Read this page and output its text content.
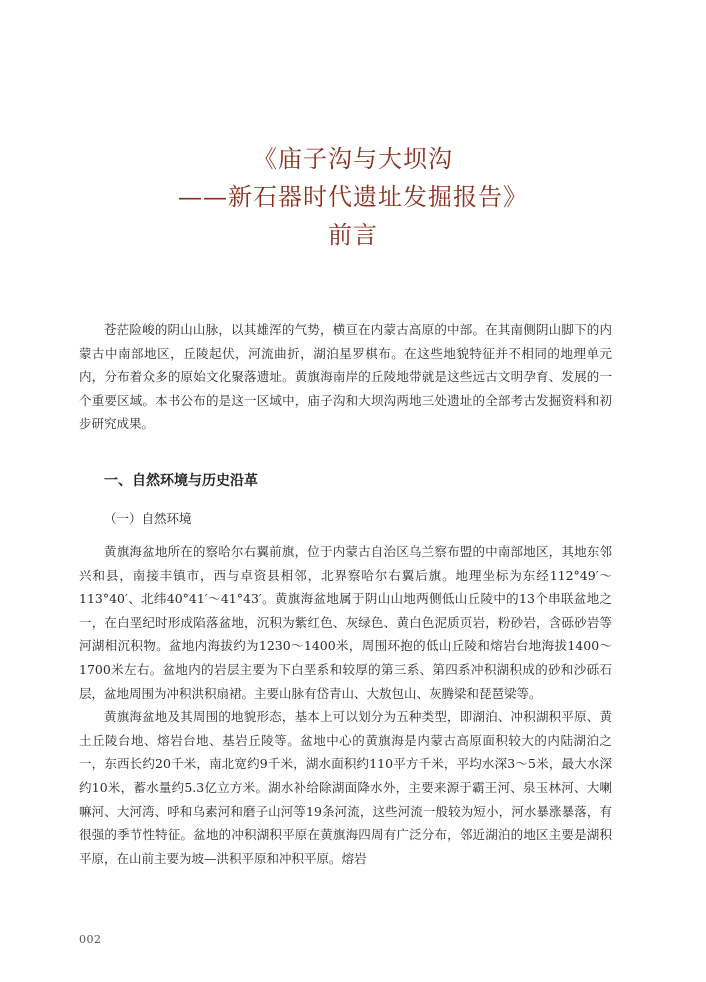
《庙子沟与大坝沟
——新石器时代遗址发掘报告》
前言

苍茫险峻的阴山山脉，以其雄浑的气势，横亘在内蒙古高原的中部。在其南侧阴山脚下的内蒙古中南部地区，丘陵起伏，河流曲折，湖泊星罗棋布。在这些地貌特征并不相同的地理单元内，分布着众多的原始文化聚落遗址。黄旗海南岸的丘陵地带就是这些远古文明孕育、发展的一个重要区域。本书公布的是这一区域中，庙子沟和大坝沟两地三处遗址的全部考古发掘资料和初步研究成果。

一、自然环境与历史沿革
（一）自然环境

黄旗海盆地所在的察哈尔右翼前旗，位于内蒙古自治区乌兰察布盟的中南部地区，其地东邻兴和县，南接丰镇市，西与卓资县相邻，北界察哈尔右翼后旗。地理坐标为东经112°49′～113°40′、北纬40°41′～41°43′。黄旗海盆地属于阴山山地两侧低山丘陵中的13个串联盆地之一，在白垩纪时形成陷落盆地，沉积为紫红色、灰绿色、黄白色泥质页岩，粉砂岩，含砾砂岩等河湖相沉积物。盆地内海拔约为1230～1400米，周围环抱的低山丘陵和熔岩台地海拔1400～1700米左右。盆地内的岩层主要为下白垩系和较厚的第三系、第四系冲积湖积成的砂和沙砾石层，盆地周围为冲积洪积扇裙。主要山脉有岱青山、大敖包山、灰腾梁和琵琶梁等。

黄旗海盆地及其周围的地貌形态，基本上可以划分为五种类型，即湖泊、冲积湖积平原、黄土丘陵台地、熔岩台地、基岩丘陵等。盆地中心的黄旗海是内蒙古高原面积较大的内陆湖泊之一，东西长约20千米，南北宽约9千米，湖水面积约110平方千米，平均水深3～5米，最大水深约10米，蓄水量约5.3亿立方米。湖水补给除湖面降水外，主要来源于霸王河、泉玉林河、大喇嘛河、大河湾、呼和乌素河和磨子山河等19条河流，这些河流一般较为短小，河水暴涨暴落，有很强的季节性特征。盆地的冲积湖积平原在黄旗海四周有广泛分布，邻近湖泊的地区主要是湖积平原，在山前主要为坡—洪积平原和冲积平原。熔岩

002
